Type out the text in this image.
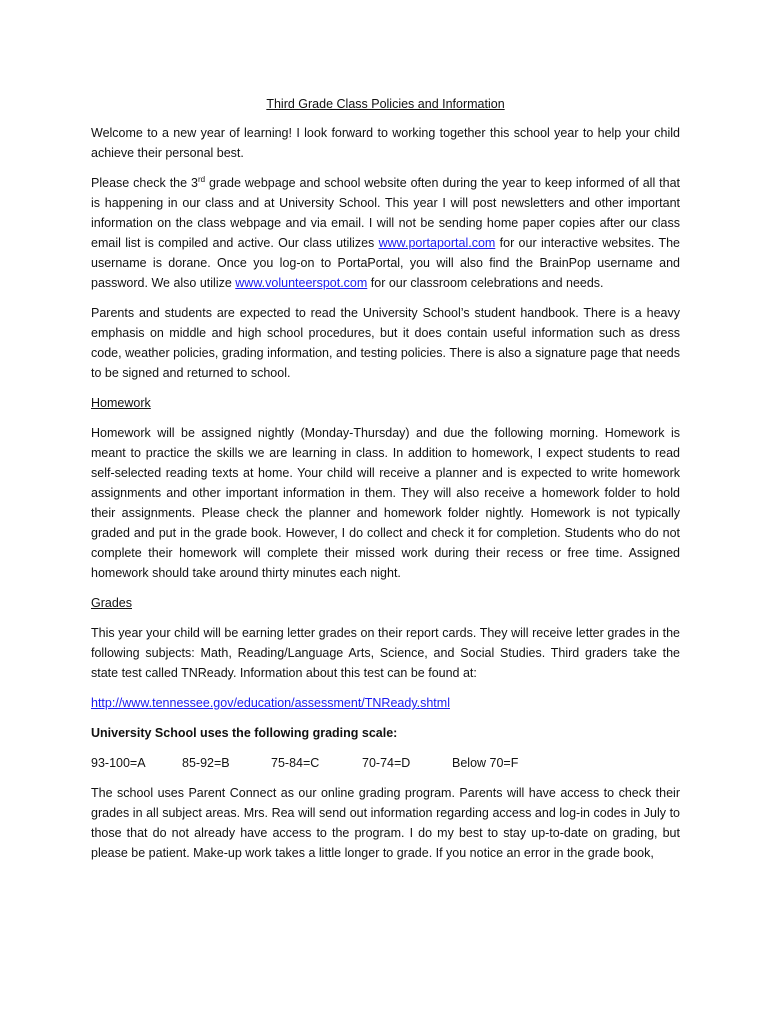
Third Grade Class Policies and Information

Welcome to a new year of learning! I look forward to working together this school year to help your child achieve their personal best.

Please check the 3rd grade webpage and school website often during the year to keep informed of all that is happening in our class and at University School. This year I will post newsletters and other important information on the class webpage and via email. I will not be sending home paper copies after our class email list is compiled and active. Our class utilizes www.portaportal.com for our interactive websites. The username is dorane. Once you log-on to PortaPortal, you will also find the BrainPop username and password. We also utilize www.volunteerspot.com for our classroom celebrations and needs.

Parents and students are expected to read the University School’s student handbook. There is a heavy emphasis on middle and high school procedures, but it does contain useful information such as dress code, weather policies, grading information, and testing policies. There is also a signature page that needs to be signed and returned to school.

Homework

Homework will be assigned nightly (Monday-Thursday) and due the following morning. Homework is meant to practice the skills we are learning in class. In addition to homework, I expect students to read self-selected reading texts at home. Your child will receive a planner and is expected to write homework assignments and other important information in them. They will also receive a homework folder to hold their assignments. Please check the planner and homework folder nightly. Homework is not typically graded and put in the grade book. However, I do collect and check it for completion. Students who do not complete their homework will complete their missed work during their recess or free time. Assigned homework should take around thirty minutes each night.

Grades

This year your child will be earning letter grades on their report cards. They will receive letter grades in the following subjects: Math, Reading/Language Arts, Science, and Social Studies. Third graders take the state test called TNReady. Information about this test can be found at:

http://www.tennessee.gov/education/assessment/TNReady.shtml

University School uses the following grading scale:

93-100=A	85-92=B	75-84=C	70-74=D	Below 70=F

The school uses Parent Connect as our online grading program. Parents will have access to check their grades in all subject areas. Mrs. Rea will send out information regarding access and log-in codes in July to those that do not already have access to the program. I do my best to stay up-to-date on grading, but please be patient. Make-up work takes a little longer to grade. If you notice an error in the grade book,
